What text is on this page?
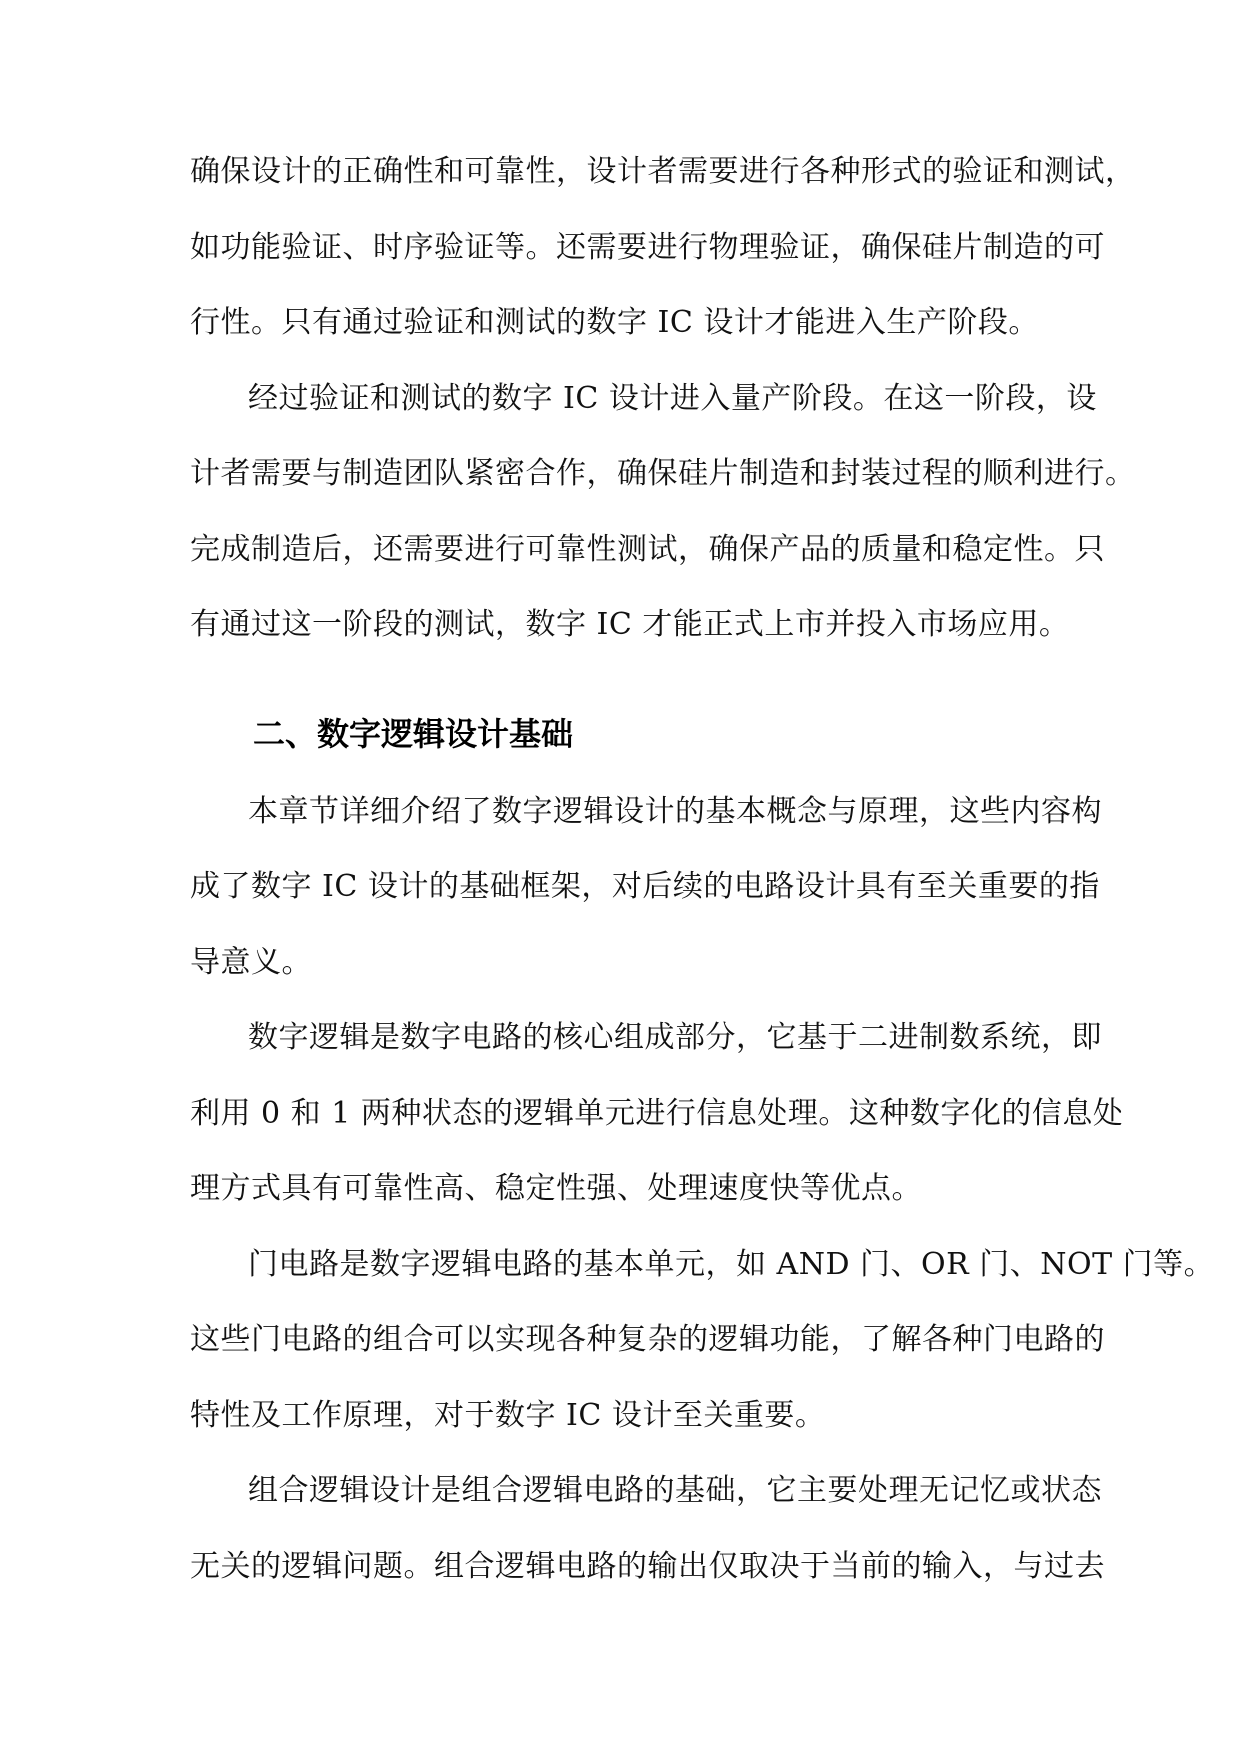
确保设计的正确性和可靠性，设计者需要进行各种形式的验证和测试，
如功能验证、时序验证等。还需要进行物理验证，确保硅片制造的可
行性。只有通过验证和测试的数字 IC 设计才能进入生产阶段。
经过验证和测试的数字 IC 设计进入量产阶段。在这一阶段，设
计者需要与制造团队紧密合作，确保硅片制造和封装过程的顺利进行。
完成制造后，还需要进行可靠性测试，确保产品的质量和稳定性。只
有通过这一阶段的测试，数字 IC 才能正式上市并投入市场应用。
二、数字逻辑设计基础
本章节详细介绍了数字逻辑设计的基本概念与原理，这些内容构
成了数字 IC 设计的基础框架，对后续的电路设计具有至关重要的指
导意义。
数字逻辑是数字电路的核心组成部分，它基于二进制数系统，即
利用 0 和 1 两种状态的逻辑单元进行信息处理。这种数字化的信息处
理方式具有可靠性高、稳定性强、处理速度快等优点。
门电路是数字逻辑电路的基本单元，如 AND 门、OR 门、NOT 门等。
这些门电路的组合可以实现各种复杂的逻辑功能，了解各种门电路的
特性及工作原理，对于数字 IC 设计至关重要。
组合逻辑设计是组合逻辑电路的基础，它主要处理无记忆或状态
无关的逻辑问题。组合逻辑电路的输出仅取决于当前的输入，与过去
